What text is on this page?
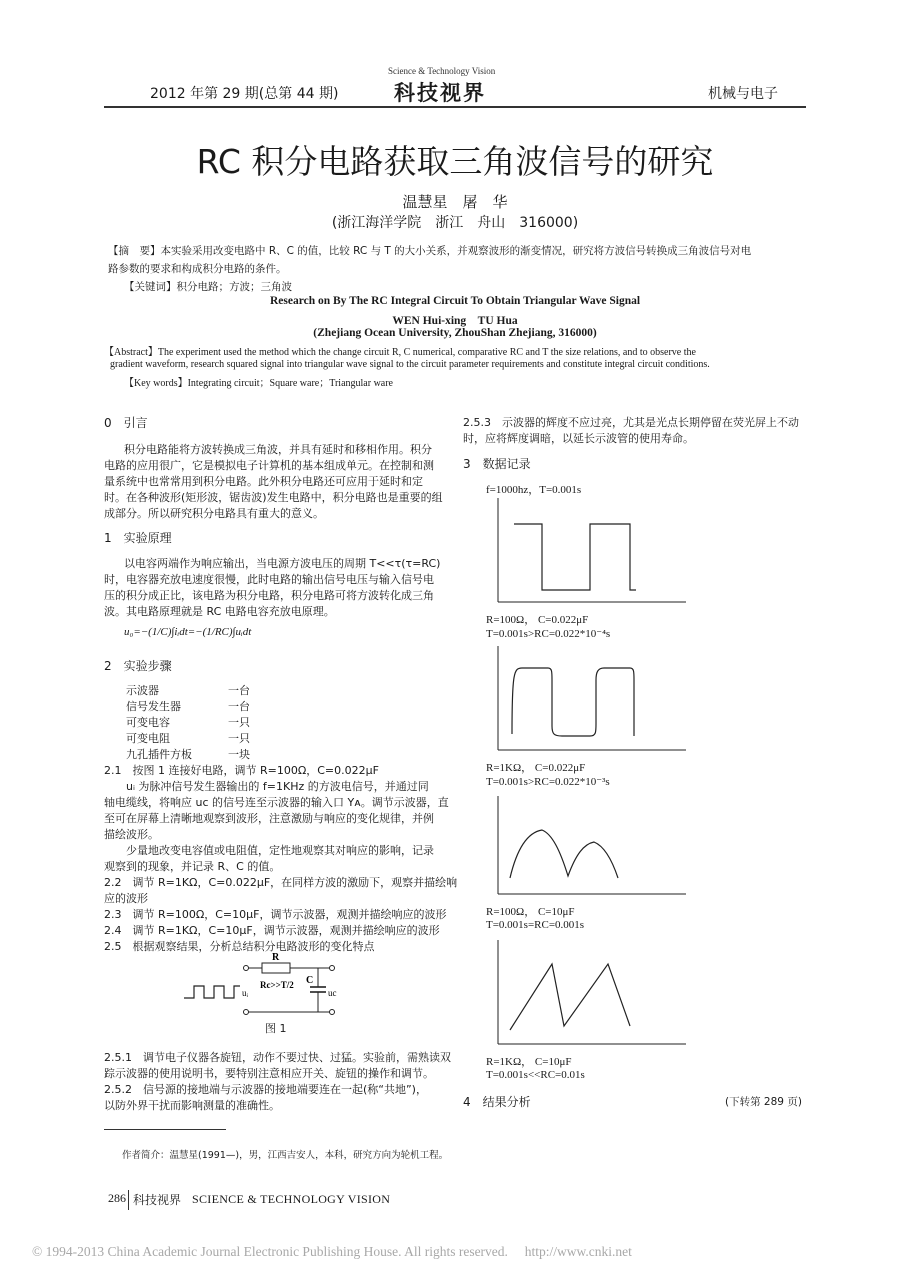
Science & Technology Vision
2012 年第 29 期(总第 44 期)	科技视界	机械与电子
RC 积分电路获取三角波信号的研究
温慧星　屠　华
(浙江海洋学院　浙江　舟山　316000)
【摘　要】本实验采用改变电路中 R、C 的值，比较 RC 与 T 的大小关系，并观察波形的渐变情况，研究将方波信号转换成三角波信号对电
路参数的要求和构成积分电路的条件。
【关键词】积分电路；方波；三角波
Research on By The RC Integral Circuit To Obtain Triangular Wave Signal
WEN Hui-xing　TU Hua
(Zhejiang Ocean University, ZhouShan Zhejiang, 316000)
【Abstract】The experiment used the method which the change circuit R, C numerical, comparative RC and T the size relations, and to observe the
gradient waveform, research squared signal into triangular wave signal to the circuit parameter requirements and constitute integral circuit conditions.
【Key words】Integrating circuit；Square ware；Triangular ware
0　引言
积分电路能将方波转换成三角波，并具有延时和移相作用。积分
电路的应用很广，它是模拟电子计算机的基本组成单元。在控制和测
量系统中也常常用到积分电路。此外积分电路还可应用于延时和定
时。在各种波形(矩形波，锯齿波)发生电路中，积分电路也是重要的组
成部分。所以研究积分电路具有重大的意义。
1　实验原理
以电容两端作为响应输出，当电源方波电压的周期 T<<τ(τ=RC)
时，电容器充放电速度很慢，此时电路的输出信号电压与输入信号电
压的积分成正比，该电路为积分电路，积分电路可将方波转化成三角
波。其电路原理就是 RC 电路电容充放电原理。
u₀=−(1/C)∫iᵢdt=−(1/RC)∫uᵢdt
2　实验步骤
示波器	一台
信号发生器	一台
可变电容	一只
可变电阻	一只
九孔插件方板	一块
2.1　按图 1 连接好电路，调节 R=100Ω，C=0.022μF
uᵢ 为脉冲信号发生器输出的 f=1KHz 的方波电信号，并通过同
轴电缆线，将响应 uc 的信号连至示波器的输入口 Yᴀ。调节示波器，直
至可在屏幕上清晰地观察到波形，注意激励与响应的变化规律，并例
描绘波形。
少量地改变电容值或电阻值，定性地观察其对响应的影响，记录
观察到的现象，并记录 R、C 的值。
2.2　调节 R=1KΩ，C=0.022μF，在同样方波的激励下，观察并描绘响
应的波形
2.3　调节 R=100Ω，C=10μF，调节示波器，观测并描绘响应的波形
2.4　调节 R=1KΩ，C=10μF，调节示波器，观测并描绘响应的波形
2.5　根据观察结果，分析总结积分电路波形的变化特点
R
C
uᵢ	uc
Rc>>T/2
图 1
2.5.1　调节电子仪器各旋钮，动作不要过快、过猛。实验前，需熟读双
踪示波器的使用说明书，要特别注意相应开关、旋钮的操作和调节。
2.5.2　信号源的接地端与示波器的接地端要连在一起(称“共地”)，
以防外界干扰而影响测量的准确性。
作者简介：温慧星(1991—)，男，江西吉安人，本科，研究方向为轮机工程。
2.5.3　示波器的辉度不应过亮，尤其是光点长期停留在荧光屏上不动
时，应将辉度调暗，以延长示波管的使用寿命。
3　数据记录
f=1000hz，T=0.001s
R=100Ω， C=0.022μF
T=0.001s>RC=0.022*10⁻⁴s
R=1KΩ， C=0.022μF
T=0.001s>RC=0.022*10⁻³s
R=100Ω， C=10μF
T=0.001s=RC=0.001s
R=1KΩ， C=10μF
T=0.001s<<RC=0.01s
4　结果分析	(下转第 289 页)
286 科技视界 SCIENCE & TECHNOLOGY VISION
© 1994-2013 China Academic Journal Electronic Publishing House. All rights reserved.　 http://www.cnki.net
